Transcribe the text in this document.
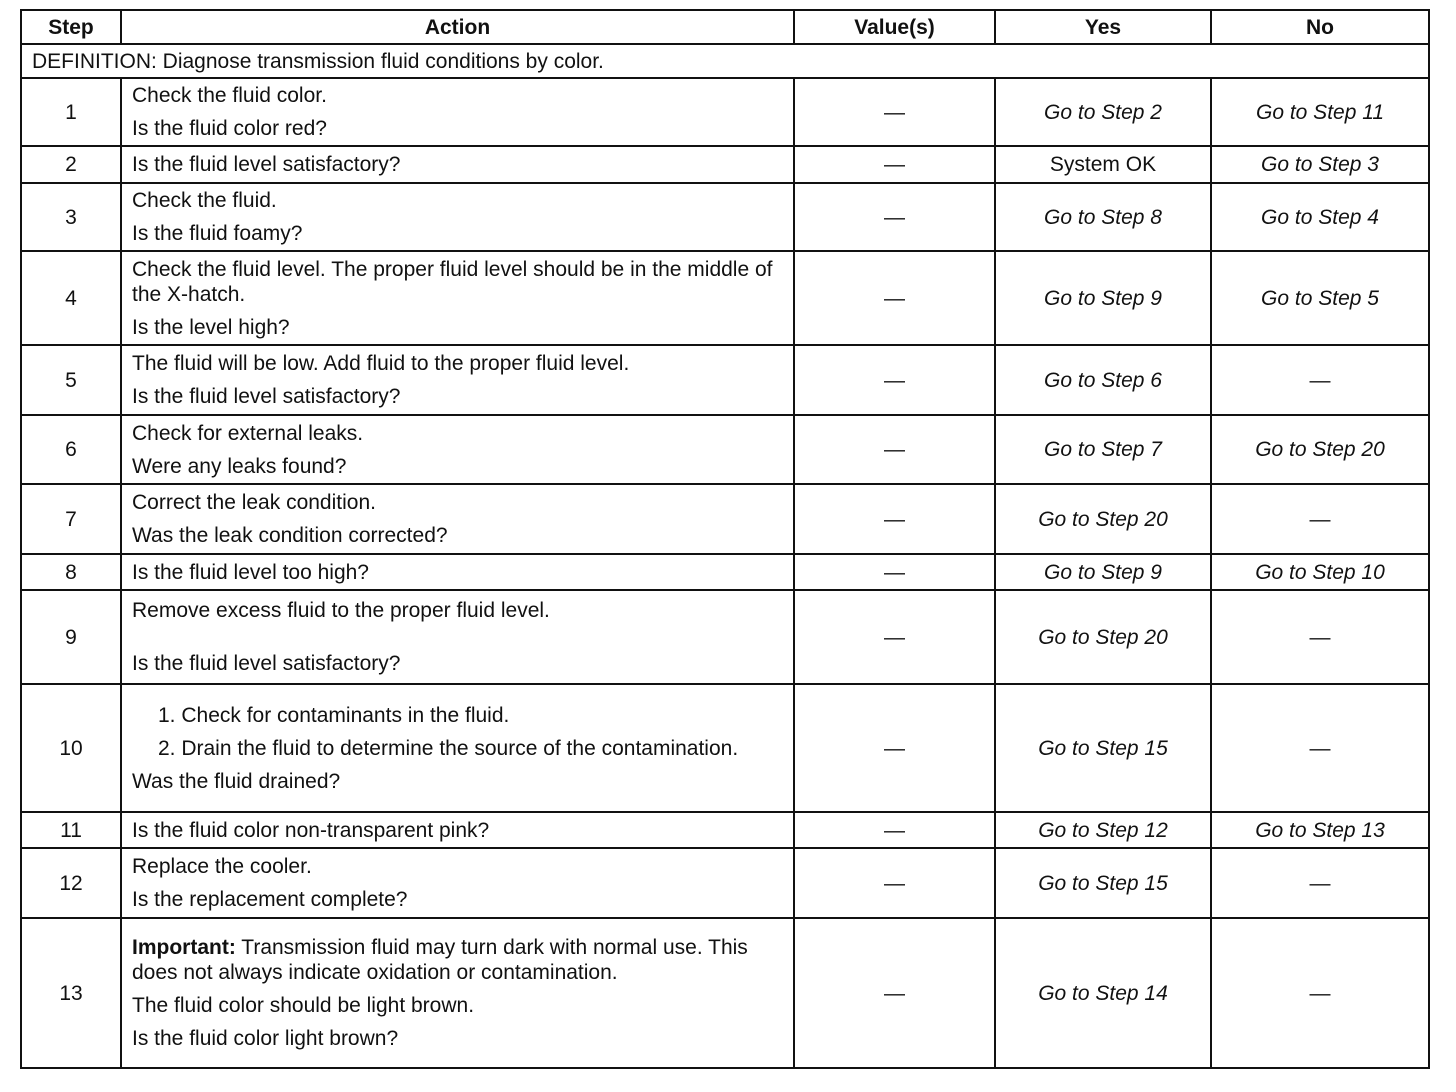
Step	Action	Value(s)	Yes	No
DEFINITION: Diagnose transmission fluid conditions by color.				
1	Check the fluid color.
Is the fluid color red?	—	Go to Step 2	Go to Step 11
2	Is the fluid level satisfactory?	—	System OK	Go to Step 3
3	Check the fluid.
Is the fluid foamy?	—	Go to Step 8	Go to Step 4
4	Check the fluid level. The proper fluid level should be in the middle of the X-hatch.
Is the level high?	—	Go to Step 9	Go to Step 5
5	The fluid will be low. Add fluid to the proper fluid level.
Is the fluid level satisfactory?	—	Go to Step 6	—
6	Check for external leaks.
Were any leaks found?	—	Go to Step 7	Go to Step 20
7	Correct the leak condition.
Was the leak condition corrected?	—	Go to Step 20	—
8	Is the fluid level too high?	—	Go to Step 9	Go to Step 10
9	Remove excess fluid to the proper fluid level.
Is the fluid level satisfactory?	—	Go to Step 20	—
10	1. Check for contaminants in the fluid.
2. Drain the fluid to determine the source of the contamination.
Was the fluid drained?	—	Go to Step 15	—
11	Is the fluid color non-transparent pink?	—	Go to Step 12	Go to Step 13
12	Replace the cooler.
Is the replacement complete?	—	Go to Step 15	—
13	Important: Transmission fluid may turn dark with normal use. This does not always indicate oxidation or contamination.
The fluid color should be light brown.
Is the fluid color light brown?	—	Go to Step 14	—
